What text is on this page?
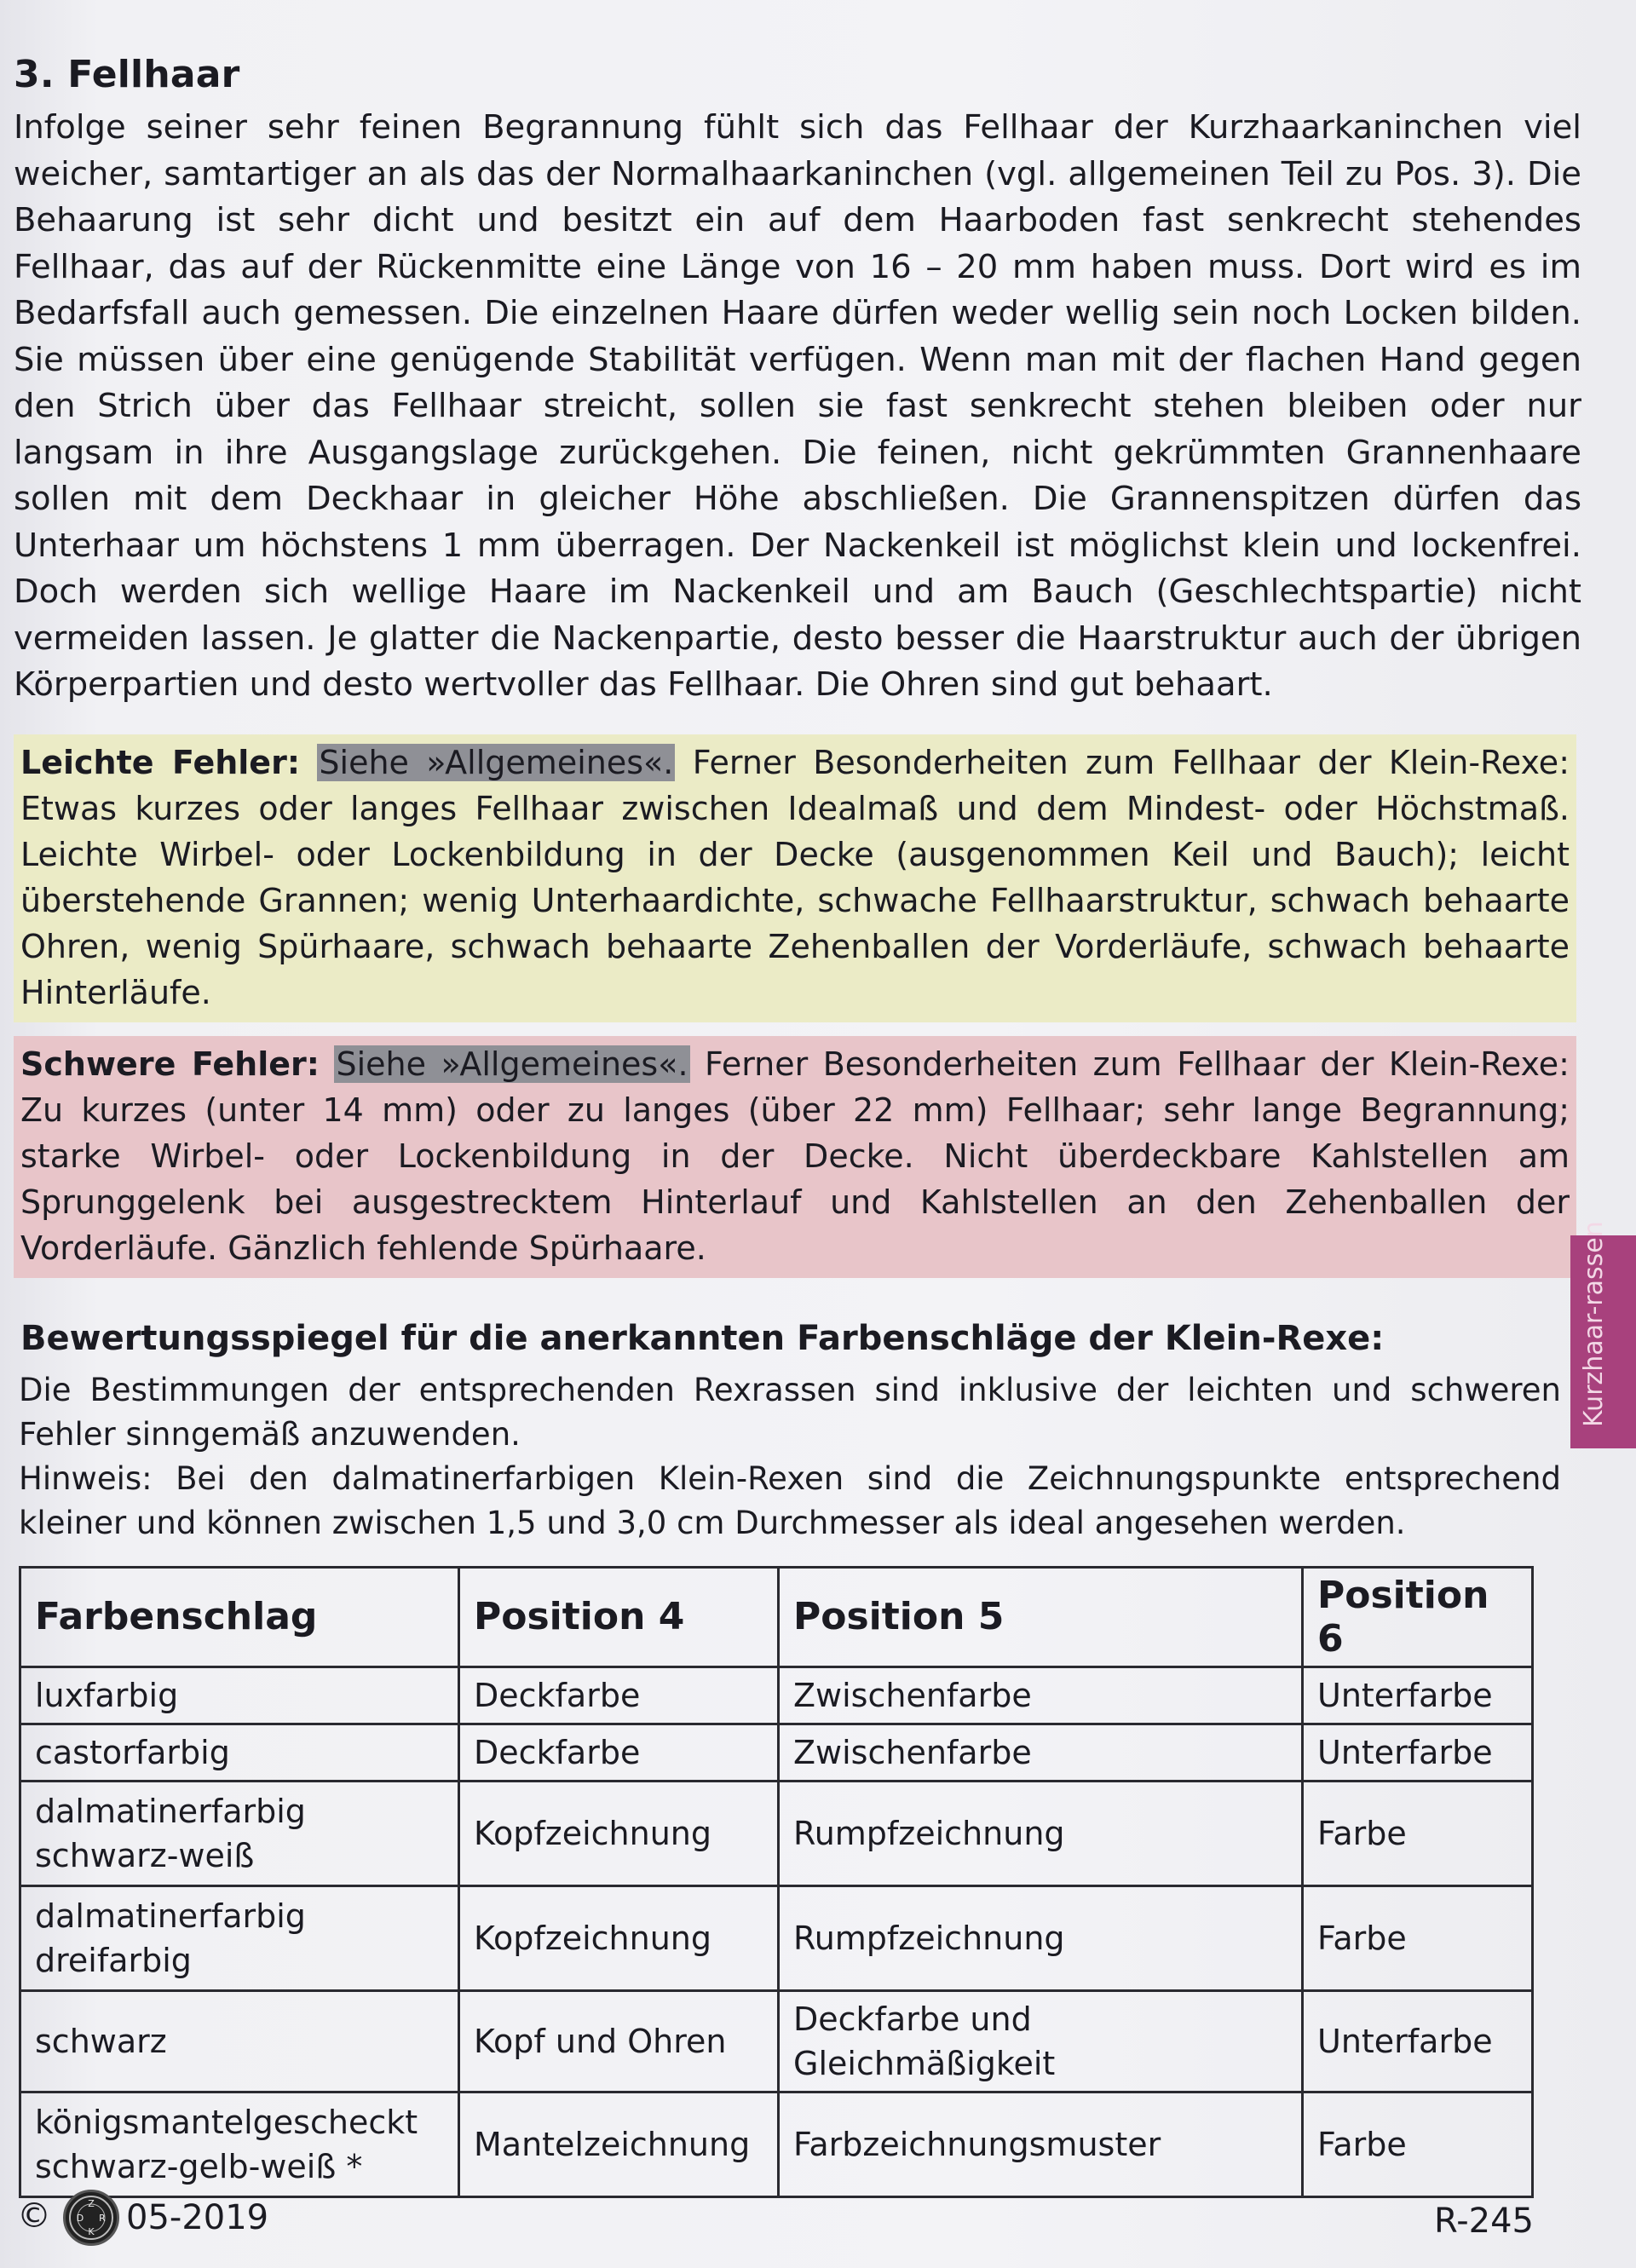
3. Fellhaar

Infolge seiner sehr feinen Begrannung fühlt sich das Fellhaar der Kurzhaarkaninchen viel weicher, samtartiger an als das der Normalhaarkaninchen (vgl. allgemeinen Teil zu Pos. 3). Die Behaarung ist sehr dicht und besitzt ein auf dem Haarboden fast senkrecht stehendes Fellhaar, das auf der Rückenmitte eine Länge von 16 – 20 mm haben muss. Dort wird es im Bedarfsfall auch gemessen. Die einzelnen Haare dürfen weder wellig sein noch Locken bilden. Sie müssen über eine genügende Stabilität verfügen. Wenn man mit der flachen Hand gegen den Strich über das Fellhaar streicht, sollen sie fast senkrecht stehen bleiben oder nur langsam in ihre Ausgangslage zurückgehen. Die feinen, nicht gekrümmten Grannenhaare sollen mit dem Deckhaar in gleicher Höhe abschließen. Die Grannenspitzen dürfen das Unterhaar um höchstens 1 mm überragen. Der Nackenkeil ist möglichst klein und lockenfrei. Doch werden sich wellige Haare im Nackenkeil und am Bauch (Geschlechtspartie) nicht vermeiden lassen. Je glatter die Nackenpartie, desto besser die Haarstruktur auch der übrigen Körperpartien und desto wertvoller das Fellhaar. Die Ohren sind gut behaart.

Leichte Fehler: Siehe »Allgemeines«. Ferner Besonderheiten zum Fellhaar der Klein-Rexe: Etwas kurzes oder langes Fellhaar zwischen Idealmaß und dem Mindest- oder Höchstmaß. Leichte Wirbel- oder Lockenbildung in der Decke (ausgenommen Keil und Bauch); leicht überstehende Grannen; wenig Unterhaardichte, schwache Fellhaarstruktur, schwach behaarte Ohren, wenig Spürhaare, schwach behaarte Zehenballen der Vorderläufe, schwach behaarte Hinterläufe.
Schwere Fehler: Siehe »Allgemeines«. Ferner Besonderheiten zum Fellhaar der Klein-Rexe: Zu kurzes (unter 14 mm) oder zu langes (über 22 mm) Fellhaar; sehr lange Begrannung; starke Wirbel- oder Lockenbildung in der Decke. Nicht überdeckbare Kahlstellen am Sprunggelenk bei ausgestrecktem Hinterlauf und Kahlstellen an den Zehenballen der Vorderläufe. Gänzlich fehlende Spürhaare.
Bewertungsspiegel für die anerkannten Farbenschläge der Klein-Rexe:

Die Bestimmungen der entsprechenden Rexrassen sind inklusive der leichten und schweren Fehler sinngemäß anzuwenden.

Hinweis: Bei den dalmatinerfarbigen Klein-Rexen sind die Zeichnungspunkte entsprechend kleiner und können zwischen 1,5 und 3,0 cm Durchmesser als ideal angesehen werden.

Farbenschlag	Position 4	Position 5	Position 6
luxfarbig	Deckfarbe	Zwischenfarbe	Unterfarbe
castorfarbig	Deckfarbe	Zwischenfarbe	Unterfarbe
dalmatinerfarbig schwarz-weiß	Kopfzeichnung	Rumpfzeichnung	Farbe
dalmatinerfarbig dreifarbig	Kopfzeichnung	Rumpfzeichnung	Farbe
schwarz	Kopf und Ohren	Deckfarbe und Gleichmäßigkeit	Unterfarbe
königsmantelgescheckt schwarz-gelb-weiß *	Mantelzeichnung	Farbzeichnungsmuster	Farbe
Kurzhaar-rassen
©	Z
D R
K 05-2019	R-245
